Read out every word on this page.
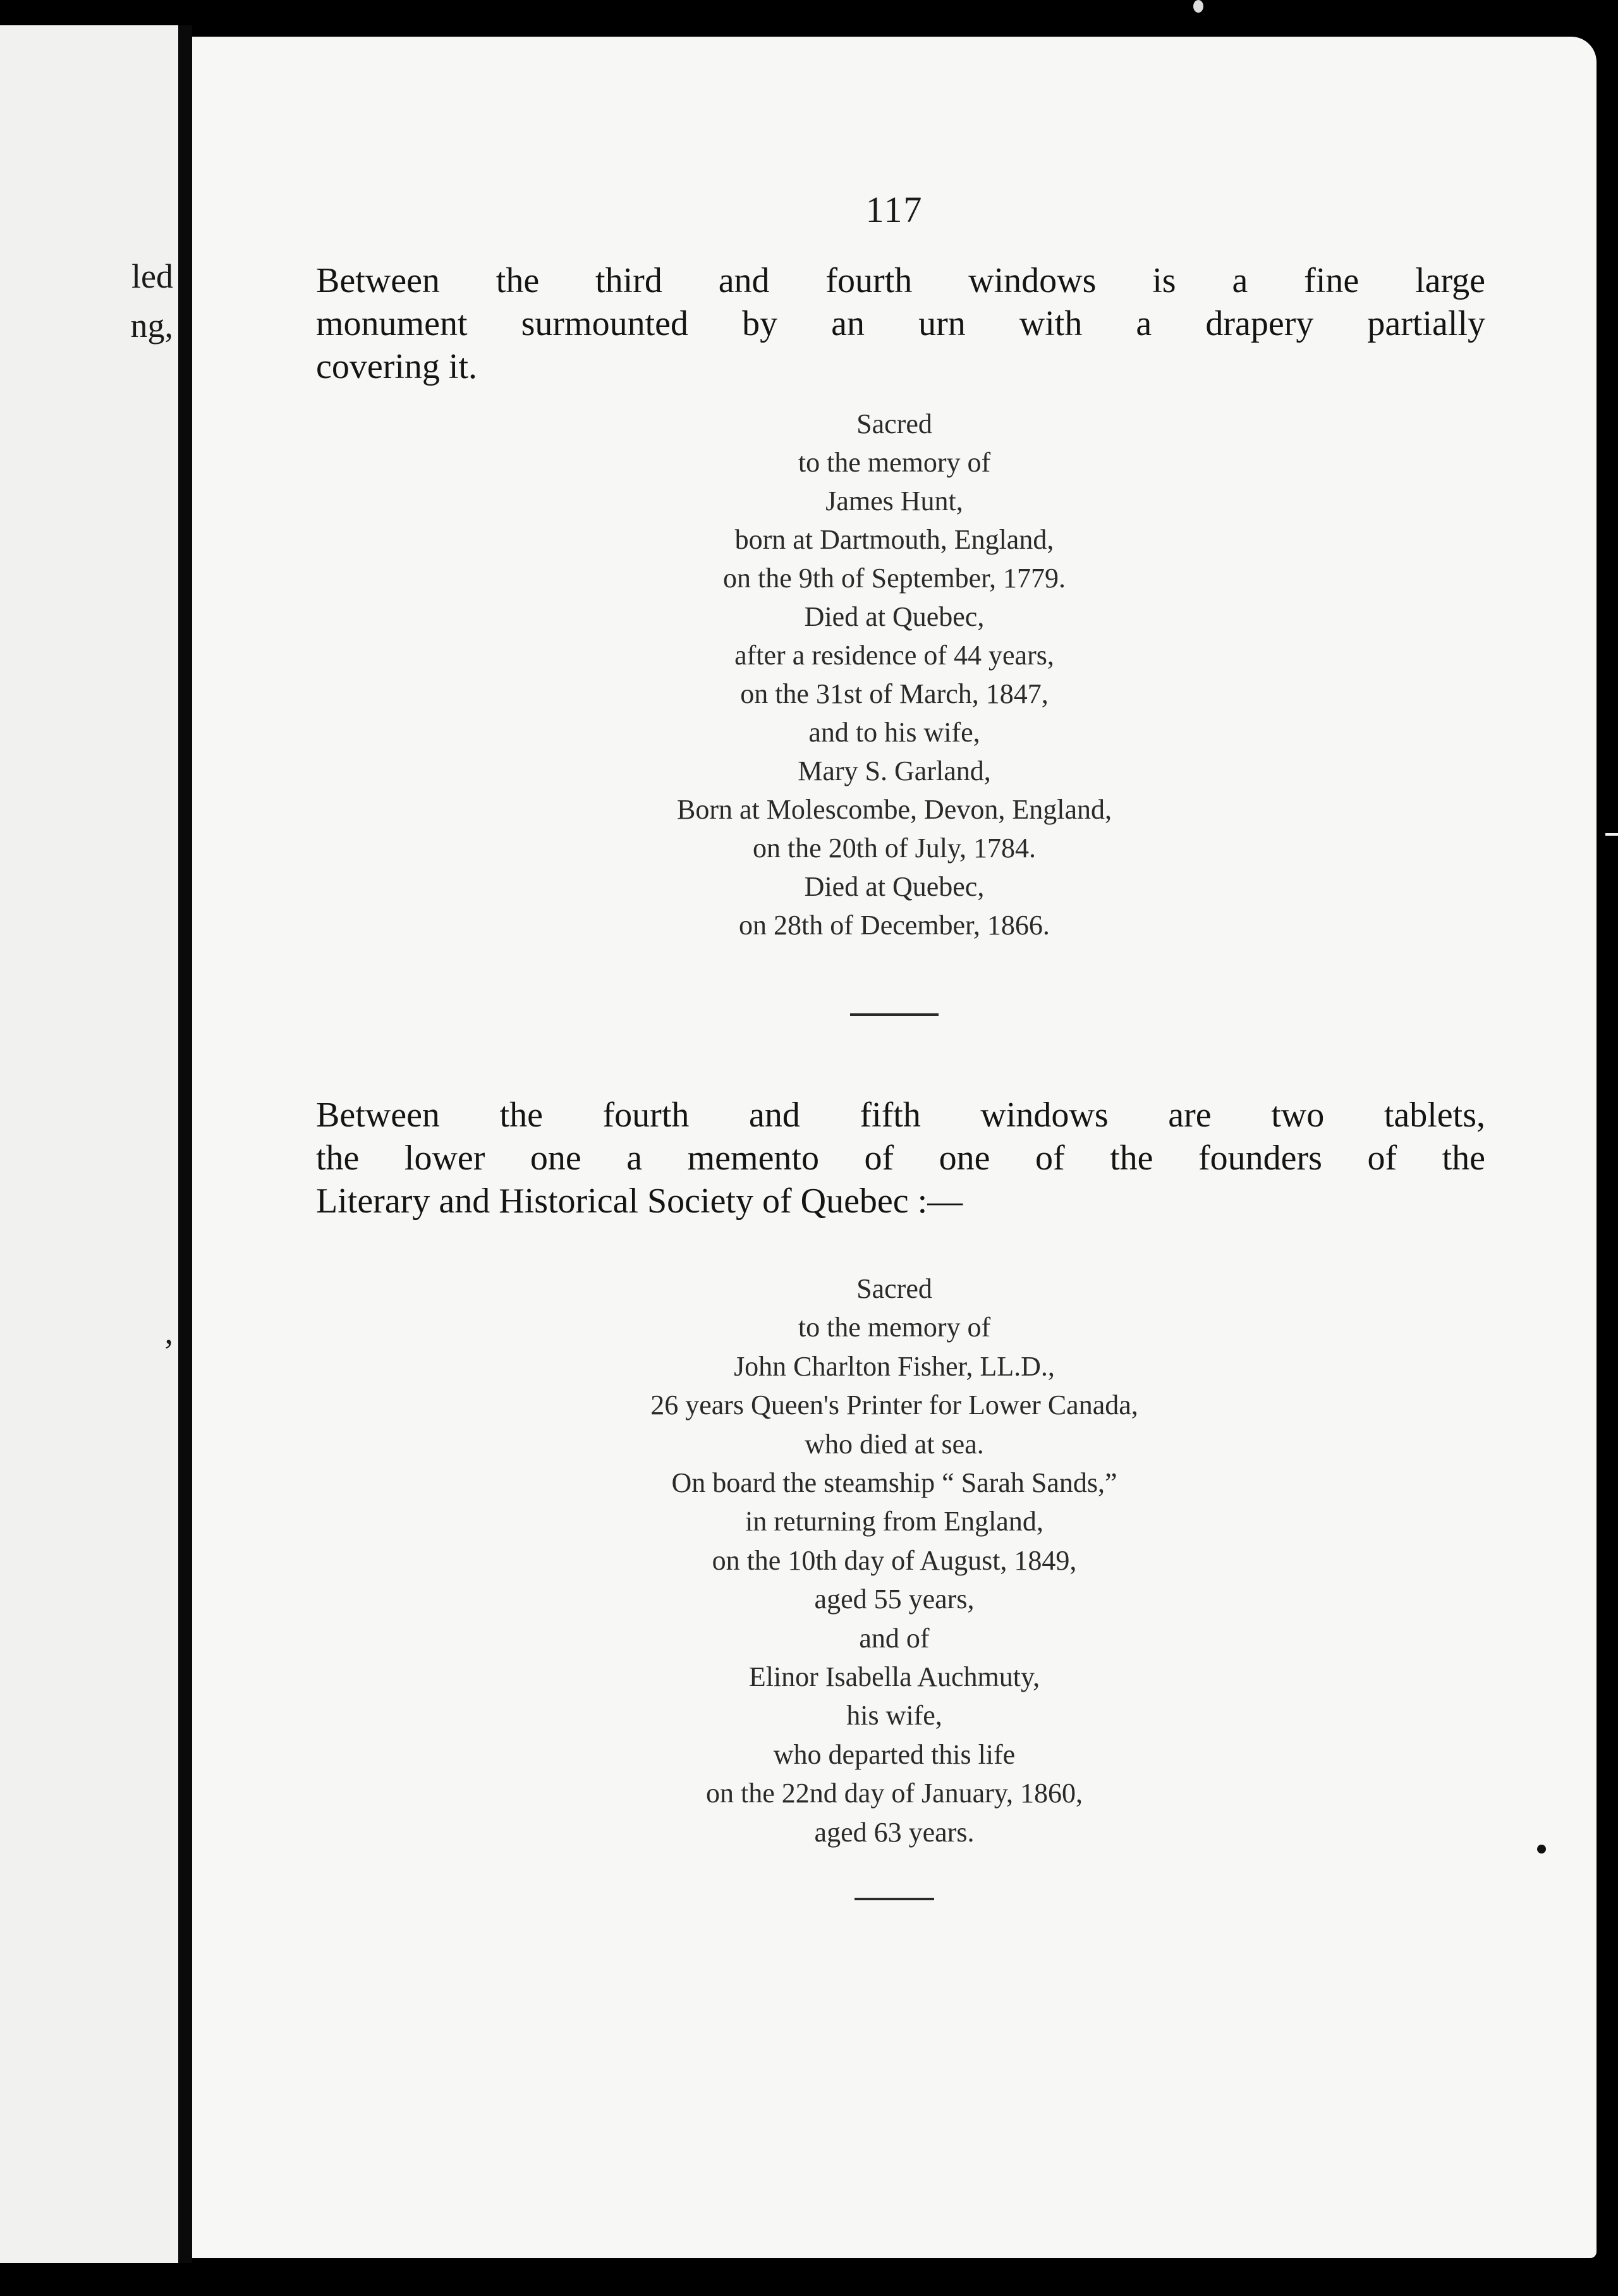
led
ng,
,
117
Between the third and fourth windows is a fine large
monument surmounted by an urn with a drapery partially
covering it.
Sacred
to the memory of
James Hunt,
born at Dartmouth, England,
on the 9th of September, 1779.
Died at Quebec,
after a residence of 44 years,
on the 31st of March, 1847,
and to his wife,
Mary S. Garland,
Born at Molescombe, Devon, England,
on the 20th of July, 1784.
Died at Quebec,
on 28th of December, 1866.
Between the fourth and fifth windows are two tablets,
the lower one a memento of one of the founders of the
Literary and Historical Society of Quebec :—
Sacred
to the memory of
John Charlton Fisher, LL.D.,
26 years Queen's Printer for Lower Canada,
who died at sea.
On board the steamship “ Sarah Sands,”
in returning from England,
on the 10th day of August, 1849,
aged 55 years,
and of
Elinor Isabella Auchmuty,
his wife,
who departed this life
on the 22nd day of January, 1860,
aged 63 years.
